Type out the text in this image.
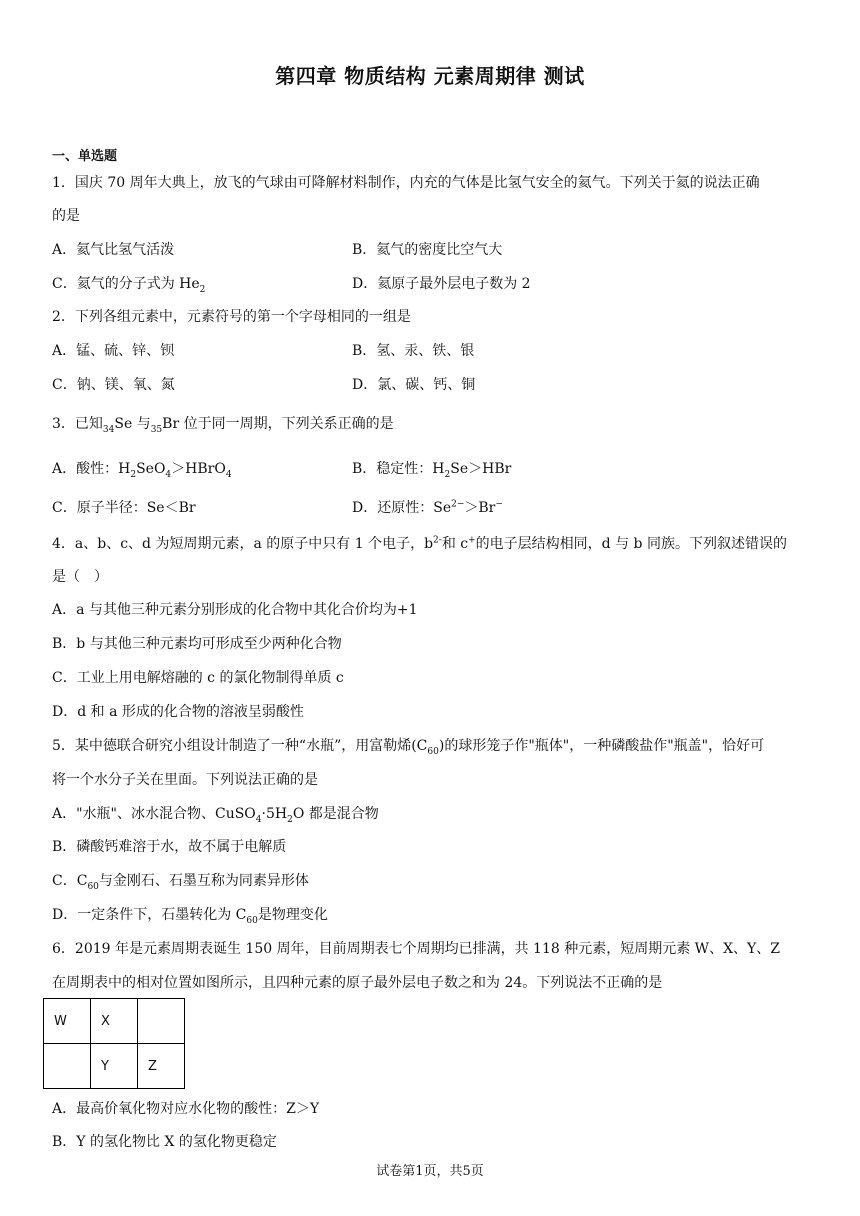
第四章 物质结构 元素周期律 测试
一、单选题
1．国庆 70 周年大典上，放飞的气球由可降解材料制作，内充的气体是比氢气安全的氦气。下列关于氦的说法正确
的是
A．氦气比氢气活泼	B．氦气的密度比空气大
C．氦气的分子式为 $He_2$	D．氦原子最外层电子数为 2
2．下列各组元素中，元素符号的第一个字母相同的一组是
A．锰、硫、锌、钡	B．氢、汞、铁、银
C．钠、镁、氧、氮	D．氯、碳、钙、铜
3．已知$_{34}$Se 与$_{35}$Br 位于同一周期，下列关系正确的是
A．酸性：$H_2SeO_4>HBrO_4$	B．稳定性：$H_2Se>HBr$
C．原子半径：Se＜Br	D．还原性：$Se^{2-}>Br^-$
4．a、b、c、d 为短周期元素，a 的原子中只有 1 个电子，$b^{2-}$和 c+的电子层结构相同，d 与 b 同族。下列叙述错误的
是（　）
A．a 与其他三种元素分别形成的化合物中其化合价均为+1
B．b 与其他三种元素均可形成至少两种化合物
C．工业上用电解熔融的 c 的氯化物制得单质 c
D．d 和 a 形成的化合物的溶液呈弱酸性
5．某中德联合研究小组设计制造了一种“水瓶”，用富勒烯$(C_{60})$的球形笼子作"瓶体"，一种磷酸盐作"瓶盖"，恰好可
将一个水分子关在里面。下列说法正确的是
A．"水瓶"、冰水混合物、$CuSO_4\cdot 5H_2O$ 都是混合物
B．磷酸钙难溶于水，故不属于电解质
C．$C_{60}$与金刚石、石墨互称为同素异形体
D．一定条件下，石墨转化为 $C_{60}$是物理变化
6．2019 年是元素周期表诞生 150 周年，目前周期表七个周期均已排满，共 118 种元素，短周期元素 W、X、Y、Z
在周期表中的相对位置如图所示，且四种元素的原子最外层电子数之和为 24。下列说法不正确的是
W	X	
	Y	Z
A．最高价氧化物对应水化物的酸性：Z＞Y
B．Y 的氢化物比 X 的氢化物更稳定
试卷第1页，共5页
